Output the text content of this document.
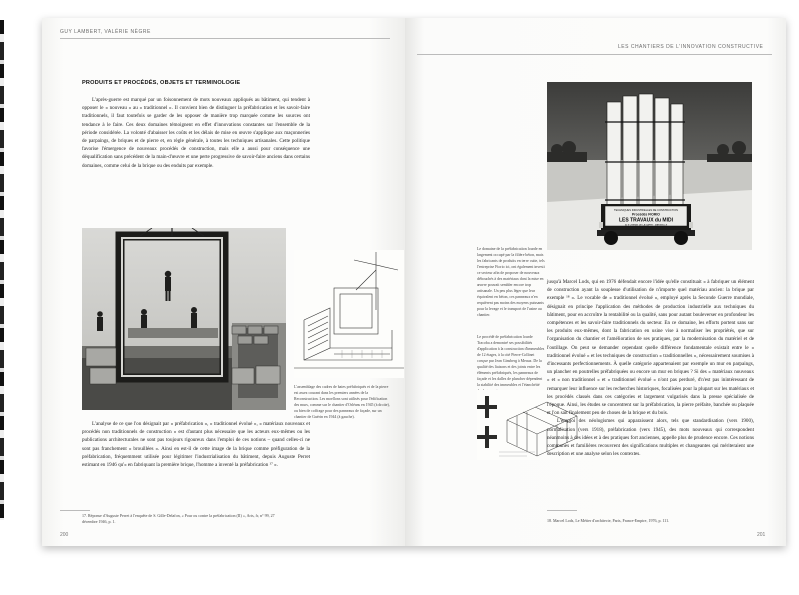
GUY LAMBERT, VALÉRIE NÈGRE
PRODUITS ET PROCÉDÉS, OBJETS ET TERMINOLOGIE

L'après-guerre est marqué par un foisonnement de mots nouveaux appliqués au bâtiment, qui tendent à opposer le « nouveau » au « traditionnel ». Il convient bien de distinguer la préfabrication et les savoir-faire traditionnels, il faut toutefois se garder de les opposer de manière trop marquée comme les sources ont tendance à le faire. Ces deux domaines témoignent en effet d'innovations constantes sur l'ensemble de la période considérée. La volonté d'abaisser les coûts et les délais de mise en œuvre s'applique aux maçonneries de parpaings, de briques et de pierre et, en règle générale, à toutes les techniques artisanales. Cette politique favorise l'émergence de nouveaux procédés de construction, mais elle a aussi pour conséquence une déqualification sans précédent de la main-d'œuvre et une perte progressive de savoir-faire anciens dans certains domaines, comme celui de la brique ou des enduits par exemple.

L'assemblage des cadres de baies préfabriqués et de la pierre est assez courant dans les premiers années de la Reconstruction. Les moellons sont utilisés pour l'édification des murs, comme sur le chantier d'Orléans en 1945 (à droite), ou bien de coffrage pour des panneaux de façade, sur un chantier de Guérin en 1944 (à gauche).

L'analyse de ce que l'on désignait par « préfabrication », « traditionnel évolué », « matériaux nouveaux et procédés non traditionnels de construction » est d'autant plus nécessaire que les acteurs eux-mêmes ou les publications architecturales ne sont pas toujours rigoureux dans l'emploi de ces notions – quand celles-ci ne sont pas franchement « brouillées ». Ainsi en est-il de cette image de la brique comme préfiguration de la préfabrication, fréquemment utilisée pour légitimer l'industrialisation du bâtiment, depuis Auguste Perret estimant en 1946 qu'« en fabriquant la première brique, l'homme a inventé la préfabrication ¹⁷ ».

17. Réponse d'Auguste Perret à l'enquête de S. Gille-Delafon, « Pour ou contre la préfabrication (II) », Arts, fr, n° 99, 27 décembre 1946, p. 1.
200
LES CHANTIERS DE L'INNOVATION CONSTRUCTIVE
TECHNIQUES INDUSTRIELLES DE CONSTRUCTION
Procédés FIORIO
LES TRAVAUX du MIDI
60 ♦ CHEMIN DE LA GAFFE · MARSEILLE

Le domaine de la préfabrication lourde en largement occupé par la filière béton, mais les fabricants de produits en terre cuite, tels l'entreprise Fiorio ici, ont également investi ce secteur afin de proposer de nouveaux débouchés à des matériaux dont la mise en œuvre pouvait sembler encore trop artisanale. Un peu plus léger que leur équivalent en béton, ces panneaux n'en requièrent pas moins des moyens puissants pour la levage et le transport de l'usine au chantier.

Le procédé de préfabrication lourde Tracoba a demontré ses possibilités d'application à la construction d'immeubles de 12 étages, à la cité Pierre-Collinet conçue par Jean Ginsberg à Meaux. De la qualité des liaisons et des joints entre les éléments préfabriqués, les panneaux de façade et les dalles de plancher dépendent la stabilité des immeubles et l'étanchéité

jusqu'à Marcel Lods, qui en 1976 défendait encore l'idée qu'elle constituait « à fabriquer un élément de construction ayant la souplesse d'utilisation de n'importe quel matériau ancien: la brique par exemple ¹⁸ ». Le vocable de « traditionnel évolué », employé après la Seconde Guerre mondiale, désignait en principe l'application des méthodes de production industrielle aux techniques du bâtiment, pour en accroître la rentabilité ou la qualité, sans pour autant bouleverser en profondeur les compétences et les savoir-faire traditionnels du secteur. En ce domaine, les efforts portent sans sur les produits eux-mêmes, dont la fabrication en usine vise à normaliser les propriétés, que sur l'organisation du chantier et l'amélioration de ses pratiques, par la modernisation du matériel et de l'outillage. On peut se demander cependant quelle différence fondamentale existait entre le « traditionnel évolué » et les techniques de construction « traditionnelles », nécessairement soumises à d'incessants perfectionnements. À quelle catégorie appartenaient par exemple un mur en parpaings, un plancher en poutrelles préfabriquées ou encore un mur en briques ? Si des « matériaux nouveaux » et « non traditionnel » et « traditionnel évolué » n'ont pas perduré, d'n'est pas inintéressant de remarquer leur influence sur les recherches historiques, focalisées pour la plupart sur les matériaux et les procédés classés dans ces catégories et largement vulgarisés dans la presse spécialisée de l'époque. Ainsi, les études se concentrent sur la préfabrication, la pierre préfaite, banchée ou plaquée et l'on sait finalement peu de choses de la brique et du bois.

L'emploi des néologismes qui apparaissent alors, tels que standardisation (vers 1900), normalisation (vers 1918), préfabrication (vers 1945), des mots nouveaux qui correspondent néanmoins à des idées et à des pratiques fort anciennes, appelle plus de prudence encore. Ces notions communes et familières recouvrent des significations multiples et changeantes qui mériteraient une description et une analyse selon les contextes.

18. Marcel Lods, Le Métier d'architecte, Paris, France-Empire, 1976, p. 111.
201
